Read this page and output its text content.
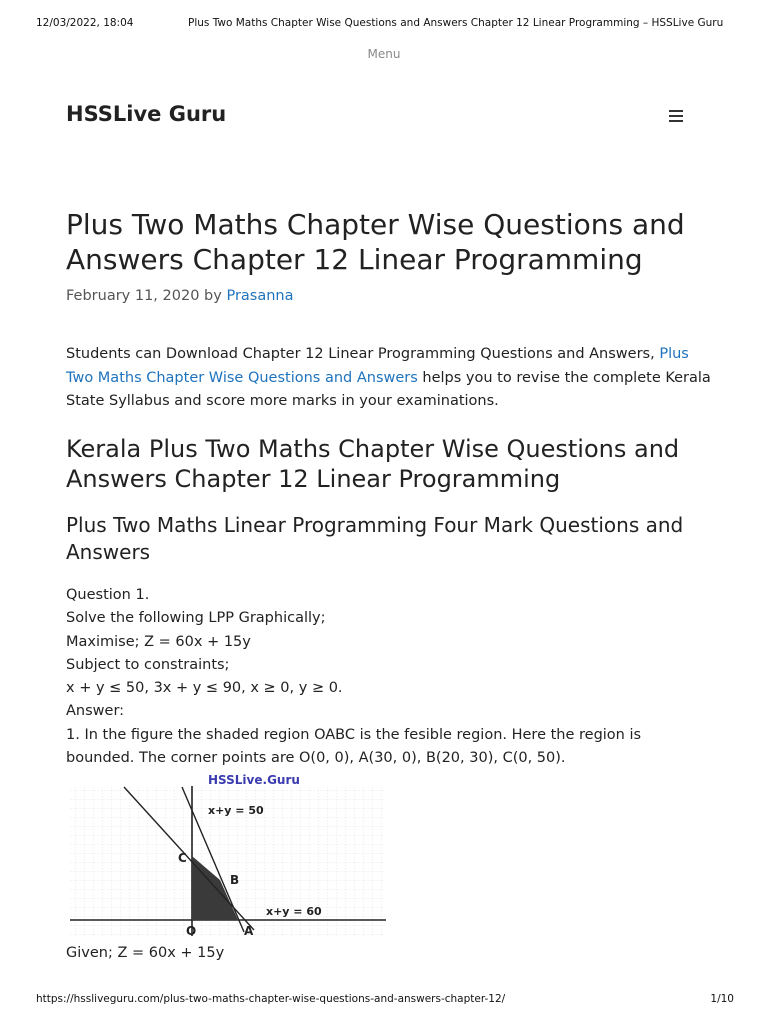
12/03/2022, 18:04	Plus Two Maths Chapter Wise Questions and Answers Chapter 12 Linear Programming – HSSLive Guru
Menu
HSSLive Guru
Plus Two Maths Chapter Wise Questions and Answers Chapter 12 Linear Programming
February 11, 2020 by Prasanna

Students can Download Chapter 12 Linear Programming Questions and Answers, Plus Two Maths Chapter Wise Questions and Answers helps you to revise the complete Kerala State Syllabus and score more marks in your examinations.

Kerala Plus Two Maths Chapter Wise Questions and Answers Chapter 12 Linear Programming
Plus Two Maths Linear Programming Four Mark Questions and Answers
Question 1.
Solve the following LPP Graphically;
Maximise; Z = 60x + 15y
Subject to constraints;
x + y ≤ 50, 3x + y ≤ 90, x ≥ 0, y ≥ 0.
Answer:
1. In the figure the shaded region OABC is the fesible region. Here the region is
bounded. The corner points are O(0, 0), A(30, 0), B(20, 30), C(0, 50).
HSSLive.Guru
x+y = 50
x+y = 60
C
B
O	A
Given; Z = 60x + 15y
https://hssliveguru.com/plus-two-maths-chapter-wise-questions-and-answers-chapter-12/	1/10
